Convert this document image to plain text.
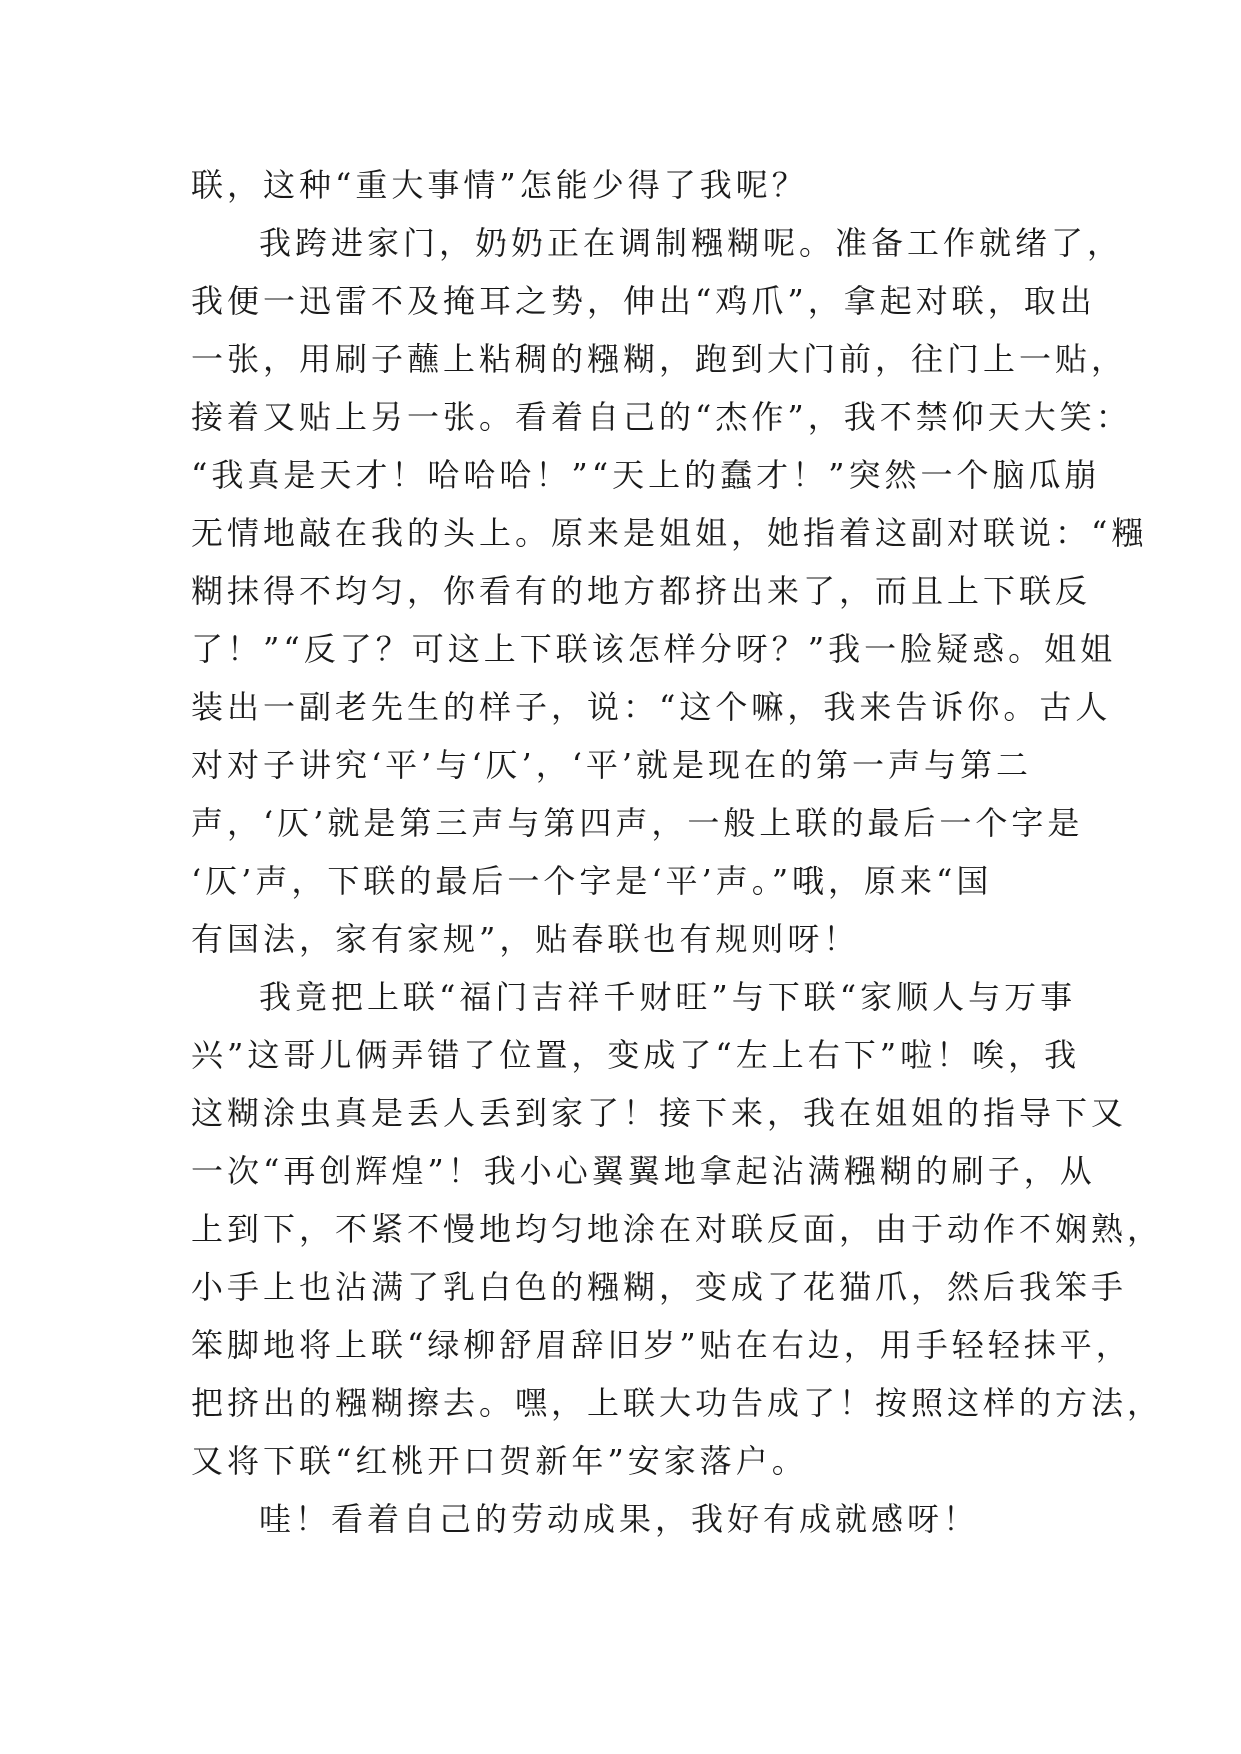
联，这种“重大事情”怎能少得了我呢？
我跨进家门，奶奶正在调制糨糊呢。准备工作就绪了，
我便一迅雷不及掩耳之势，伸出“鸡爪”，拿起对联，取出
一张，用刷子蘸上粘稠的糨糊，跑到大门前，往门上一贴，
接着又贴上另一张。看着自己的“杰作”，我不禁仰天大笑：
“我真是天才！哈哈哈！”“天上的蠢才！”突然一个脑瓜崩
无情地敲在我的头上。原来是姐姐，她指着这副对联说：“糨
糊抹得不均匀，你看有的地方都挤出来了，而且上下联反
了！”“反了？可这上下联该怎样分呀？”我一脸疑惑。姐姐
装出一副老先生的样子，说：“这个嘛，我来告诉你。古人
对对子讲究‘平’与‘仄’，‘平’就是现在的第一声与第二
声，‘仄’就是第三声与第四声，一般上联的最后一个字是
‘仄’声，下联的最后一个字是‘平’声。”哦，原来“国
有国法，家有家规”，贴春联也有规则呀！
我竟把上联“福门吉祥千财旺”与下联“家顺人与万事
兴”这哥儿俩弄错了位置，变成了“左上右下”啦！唉，我
这糊涂虫真是丢人丢到家了！接下来，我在姐姐的指导下又
一次“再创辉煌”！我小心翼翼地拿起沾满糨糊的刷子，从
上到下，不紧不慢地均匀地涂在对联反面，由于动作不娴熟，
小手上也沾满了乳白色的糨糊，变成了花猫爪，然后我笨手
笨脚地将上联“绿柳舒眉辞旧岁”贴在右边，用手轻轻抹平，
把挤出的糨糊擦去。嘿，上联大功告成了！按照这样的方法，
又将下联“红桃开口贺新年”安家落户。
哇！看着自己的劳动成果，我好有成就感呀！
